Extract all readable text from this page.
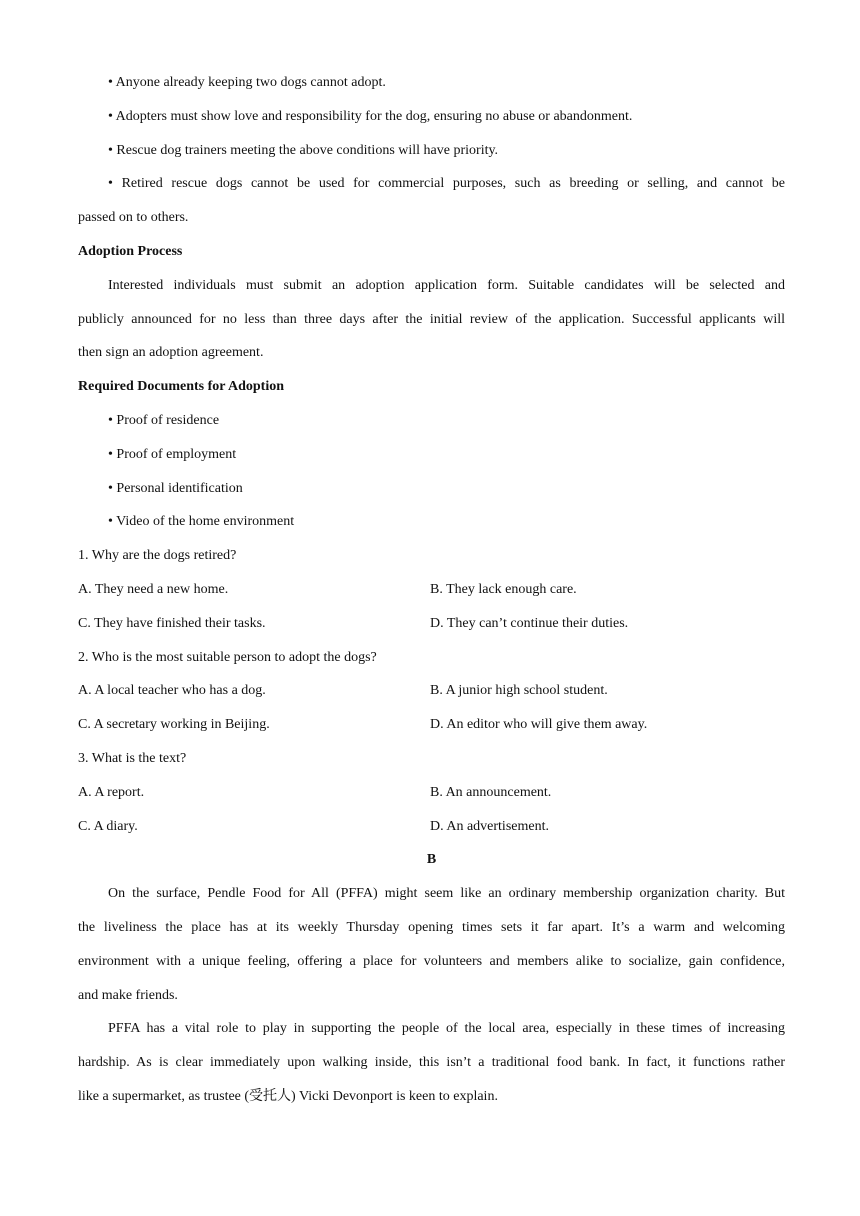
• Anyone already keeping two dogs cannot adopt.
• Adopters must show love and responsibility for the dog, ensuring no abuse or abandonment.
• Rescue dog trainers meeting the above conditions will have priority.
• Retired rescue dogs cannot be used for commercial purposes, such as breeding or selling, and cannot be
passed on to others.
Adoption Process
Interested individuals must submit an adoption application form. Suitable candidates will be selected and
publicly announced for no less than three days after the initial review of the application. Successful applicants will
then sign an adoption agreement.
Required Documents for Adoption
• Proof of residence
• Proof of employment
• Personal identification
• Video of the home environment
1. Why are the dogs retired?
A. They need a new home.	B. They lack enough care.
C. They have finished their tasks.	D. They can’t continue their duties.
2. Who is the most suitable person to adopt the dogs?
A. A local teacher who has a dog.	B. A junior high school student.
C. A secretary working in Beijing.	D. An editor who will give them away.
3. What is the text?
A. A report.	B. An announcement.
C. A diary.	D. An advertisement.
B
On the surface, Pendle Food for All (PFFA) might seem like an ordinary membership organization charity. But
the liveliness the place has at its weekly Thursday opening times sets it far apart. It’s a warm and welcoming
environment with a unique feeling, offering a place for volunteers and members alike to socialize, gain confidence,
and make friends.
PFFA has a vital role to play in supporting the people of the local area, especially in these times of increasing
hardship. As is clear immediately upon walking inside, this isn’t a traditional food bank. In fact, it functions rather
like a supermarket, as trustee (受托人) Vicki Devonport is keen to explain.
